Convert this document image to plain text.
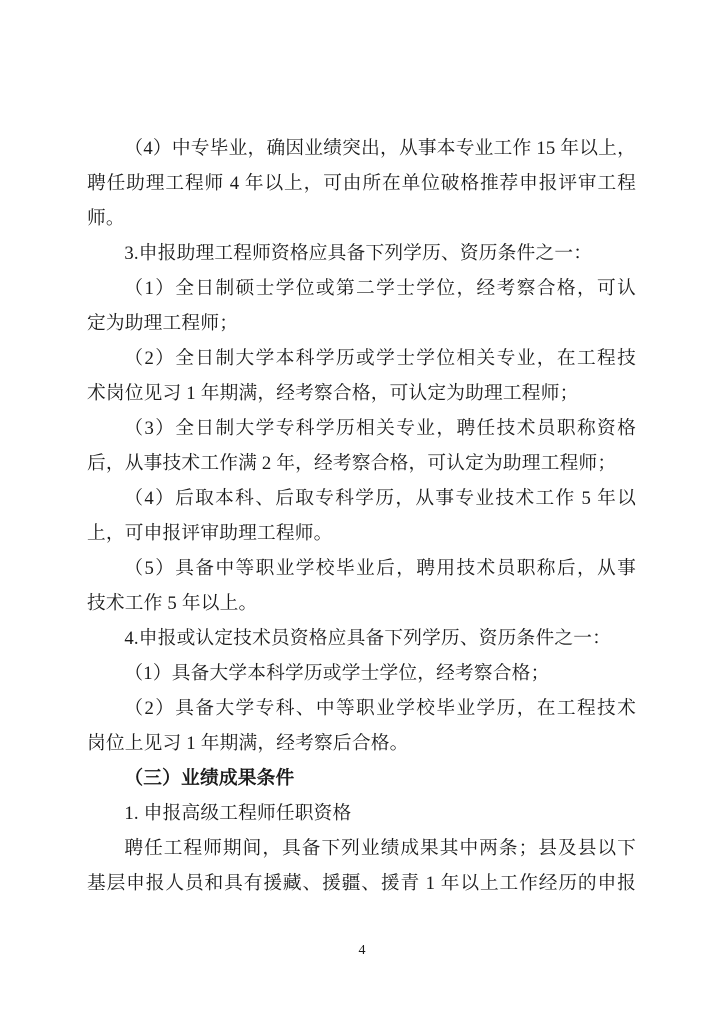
（4）中专毕业，确因业绩突出，从事本专业工作 15 年以上，
聘任助理工程师 4 年以上，可由所在单位破格推荐申报评审工程
师。
3.申报助理工程师资格应具备下列学历、资历条件之一：
（1）全日制硕士学位或第二学士学位，经考察合格，可认
定为助理工程师；
（2）全日制大学本科学历或学士学位相关专业，在工程技
术岗位见习 1 年期满，经考察合格，可认定为助理工程师；
（3）全日制大学专科学历相关专业，聘任技术员职称资格
后，从事技术工作满 2 年，经考察合格，可认定为助理工程师；
（4）后取本科、后取专科学历，从事专业技术工作 5 年以
上，可申报评审助理工程师。
（5）具备中等职业学校毕业后，聘用技术员职称后，从事
技术工作 5 年以上。
4.申报或认定技术员资格应具备下列学历、资历条件之一：
（1）具备大学本科学历或学士学位，经考察合格；
（2）具备大学专科、中等职业学校毕业学历，在工程技术
岗位上见习 1 年期满，经考察后合格。
（三）业绩成果条件
1. 申报高级工程师任职资格
聘任工程师期间，具备下列业绩成果其中两条；县及县以下
基层申报人员和具有援藏、援疆、援青 1 年以上工作经历的申报
4
